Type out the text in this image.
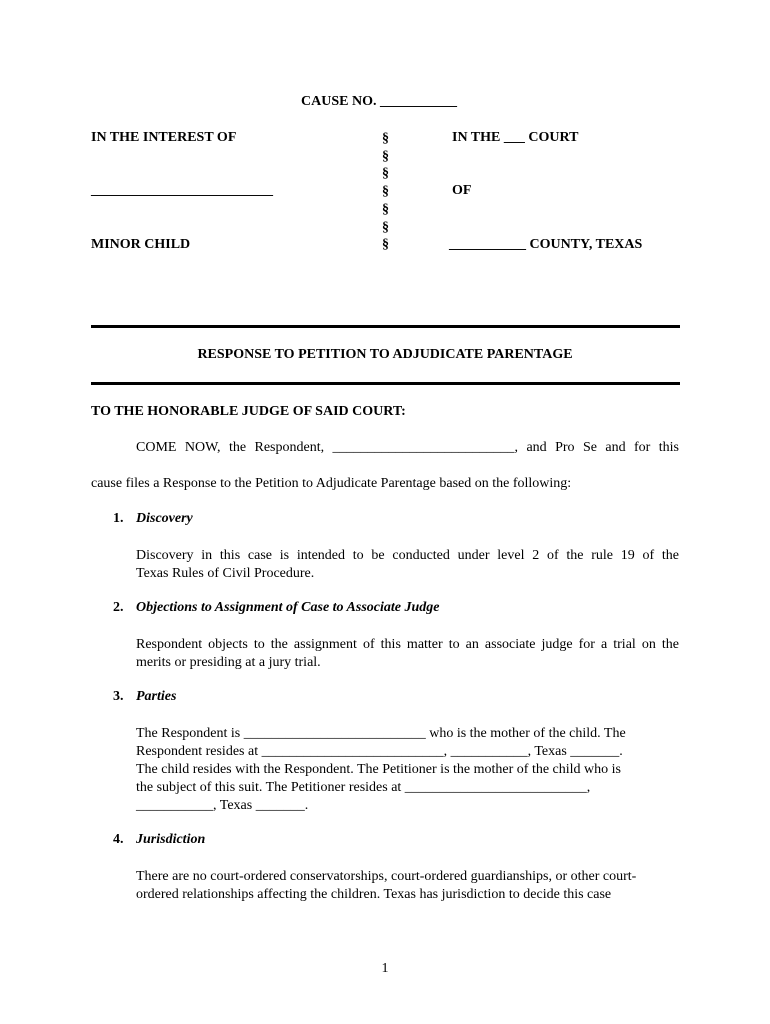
CAUSE NO. ___________
IN THE INTEREST OF
__________________________
MINOR CHILD
§
§
§
§
§
§
§
IN THE ___ COURT
OF
___________ COUNTY, TEXAS
RESPONSE TO PETITION TO ADJUDICATE PARENTAGE
TO THE HONORABLE JUDGE OF SAID COURT:
COME NOW, the Respondent, __________________________, and Pro Se and for this
cause files a Response to the Petition to Adjudicate Parentage based on the following:
1. Discovery
Discovery in this case is intended to be conducted under level 2 of the rule 19 of the
Texas Rules of Civil Procedure.
2. Objections to Assignment of Case to Associate Judge
Respondent objects to the assignment of this matter to an associate judge for a trial on the
merits or presiding at a jury trial.
3. Parties
The Respondent is __________________________ who is the mother of the child. The
Respondent resides at __________________________, ___________, Texas _______.
The child resides with the Respondent. The Petitioner is the mother of the child who is
the subject of this suit. The Petitioner resides at __________________________,
___________, Texas _______.
4. Jurisdiction
There are no court-ordered conservatorships, court-ordered guardianships, or other court-
ordered relationships affecting the children. Texas has jurisdiction to decide this case
1
